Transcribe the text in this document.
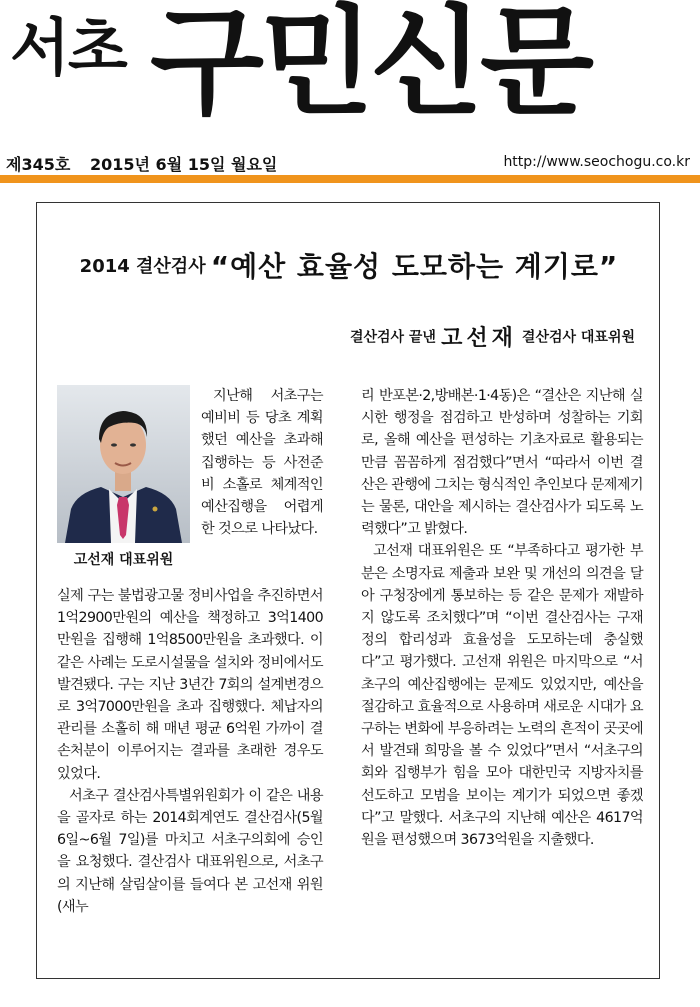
서초 구민신문
제345호 2015년 6월 15일 월요일	http://www.seochogu.co.kr
2014 결산검사 “예산 효율성 도모하는 계기로”
결산검사 끝낸 고선재 결산검사 대표위원
고선재 대표위원

지난해 서초구는 예비비 등 당초 계획했던 예산을 초과해 집행하는 등 사전준비 소홀로 체계적인 예산집행을 어렵게 한 것으로 나타났다.

실제 구는 불법광고물 정비사업을 추진하면서 1억2900만원의 예산을 책정하고 3억1400만원을 집행해 1억8500만원을 초과했다. 이 같은 사례는 도로시설물을 설치와 정비에서도 발견됐다. 구는 지난 3년간 7회의 설계변경으로 3억7000만원을 초과 집행했다. 체납자의 관리를 소홀히 해 매년 평균 6억원 가까이 결손처분이 이루어지는 결과를 초래한 경우도 있었다.

서초구 결산검사특별위원회가 이 같은 내용을 골자로 하는 2014회계연도 결산검사(5월 6일~6월 7일)를 마치고 서초구의회에 승인을 요청했다. 결산검사 대표위원으로, 서초구의 지난해 살림살이를 들여다 본 고선재 위원(새누

리 반포본·2,방배본·1·4동)은 “결산은 지난해 실시한 행정을 점검하고 반성하며 성찰하는 기회로, 올해 예산을 편성하는 기초자료로 활용되는 만큼 꼼꼼하게 점검했다”면서 “따라서 이번 결산은 관행에 그치는 형식적인 추인보다 문제제기는 물론, 대안을 제시하는 결산검사가 되도록 노력했다”고 밝혔다.

고선재 대표위원은 또 “부족하다고 평가한 부분은 소명자료 제출과 보완 및 개선의 의견을 달아 구청장에게 통보하는 등 같은 문제가 재발하지 않도록 조치했다”며 “이번 결산검사는 구재정의 합리성과 효율성을 도모하는데 충실했다”고 평가했다. 고선재 위원은 마지막으로 “서초구의 예산집행에는 문제도 있었지만, 예산을 절감하고 효율적으로 사용하며 새로운 시대가 요구하는 변화에 부응하려는 노력의 흔적이 곳곳에서 발견돼 희망을 볼 수 있었다”면서 “서초구의회와 집행부가 힘을 모아 대한민국 지방자치를 선도하고 모범을 보이는 계기가 되었으면 좋겠다”고 말했다. 서초구의 지난해 예산은 4617억원을 편성했으며 3673억원을 지출했다.
